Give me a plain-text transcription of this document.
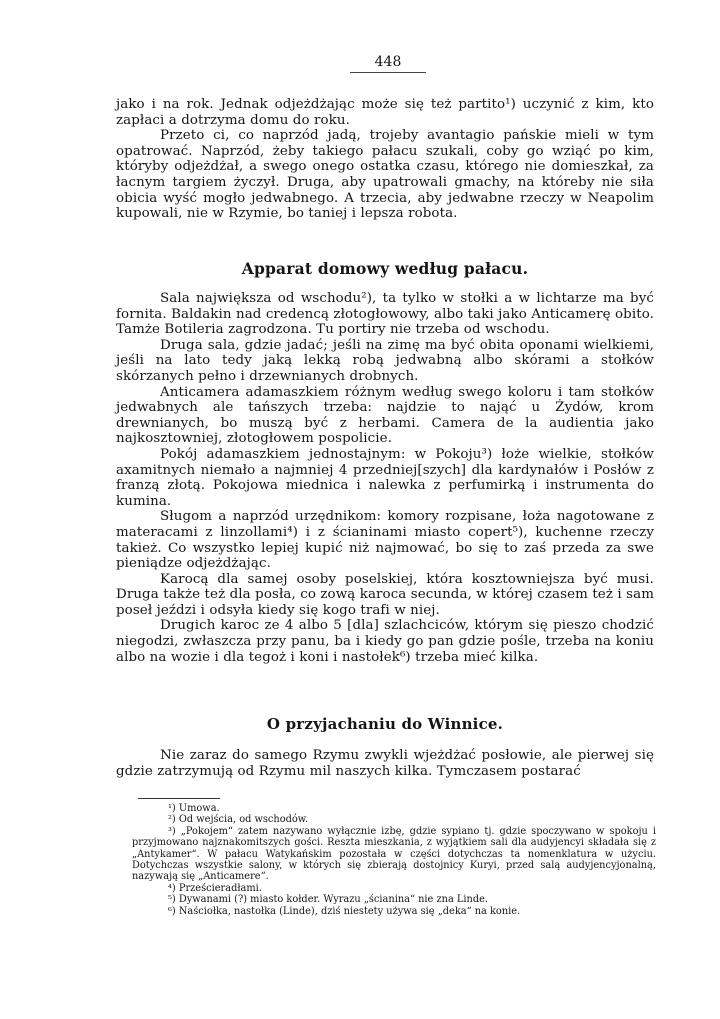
448

jako i na rok. Jednak odjeżdżając może się też partito¹) uczynić z kim, kto zapłaci a dotrzyma domu do roku.

Przeto ci, co naprzód jadą, trojeby avantagio pańskie mieli w tym opatrować. Naprzód, żeby takiego pałacu szukali, coby go wziąć po kim, któryby odjeżdżał, a swego onego ostatka czasu, którego nie domieszkał, za łacnym targiem życzył. Druga, aby upatrowali gmachy, na któreby nie siła obicia wyść mogło jedwabnego. A trzecia, aby jedwabne rzeczy w Neapolim kupowali, nie w Rzymie, bo taniej i lepsza robota.

Apparat domowy według pałacu.

Sala największa od wschodu²), ta tylko w stołki a w lichtarze ma być fornita. Baldakin nad credencą złotogłowowy, albo taki jako Anticamerę obito. Tamże Botileria zagrodzona. Tu portiry nie trzeba od wschodu.

Druga sala, gdzie jadać; jeśli na zimę ma być obita oponami wielkiemi, jeśli na lato tedy jaką lekką robą jedwabną albo skórami a stołków skórzanych pełno i drzewnianych drobnych.

Anticamera adamaszkiem różnym według swego koloru i tam stołków jedwabnych ale tańszych trzeba: najdzie to nająć u Żydów, krom drewnianych, bo muszą być z herbami. Camera de la audientia jako najkosztowniej, złotogłowem pospolicie.

Pokój adamaszkiem jednostajnym: w Pokoju³) łoże wielkie, stołków axamitnych niemało a najmniej 4 przedniej[szych] dla kardynałów i Posłów z franzą złotą. Pokojowa miednica i nalewka z perfumirką i instrumenta do kumina.

Sługom a naprzód urzędnikom: komory rozpisane, łoża nagotowane z materacami z linzollami⁴) i z ścianinami miasto copert⁵), kuchenne rzeczy takież. Co wszystko lepiej kupić niż najmować, bo się to zaś przeda za swe pieniądze odjeżdżając.

Karocą dla samej osoby poselskiej, która kosztowniejsza być musi. Druga także też dla posła, co zową karoca secunda, w której czasem też i sam poseł jeździ i odsyła kiedy się kogo trafi w niej.

Drugich karoc ze 4 albo 5 [dla] szlachciców, którym się pieszo chodzić niegodzi, zwłaszcza przy panu, ba i kiedy go pan gdzie pośle, trzeba na koniu albo na wozie i dla tegoż i koni i nastołek⁶) trzeba mieć kilka.

O przyjachaniu do Winnice.

Nie zaraz do samego Rzymu zwykli wjeżdżać posłowie, ale pierwej się gdzie zatrzymują od Rzymu mil naszych kilka. Tymczasem postarać

¹) Umowa.

²) Od wejścia, od wschodów.

³) „Pokojem“ zatem nazywano wyłącznie izbę, gdzie sypiano tj. gdzie spoczywano w spokoju i przyjmowano najznakomitszych gości. Reszta mieszkania, z wyjątkiem sali dla audyjencyi składała się z „Antykamer“. W pałacu Watykańskim pozostała w części dotychczas ta nomenklatura w użyciu. Dotychczas wszystkie salony, w których się zbierają dostojnicy Kuryi, przed salą audyjencyjonalną, nazywają się „Anticamere“.

⁴) Prześcieradłami.

⁵) Dywanami (?) miasto kołder. Wyrazu „ścianina“ nie zna Linde.

⁶) Naściołka, nastołka (Linde), dziś niestety używa się „deka“ na konie.
